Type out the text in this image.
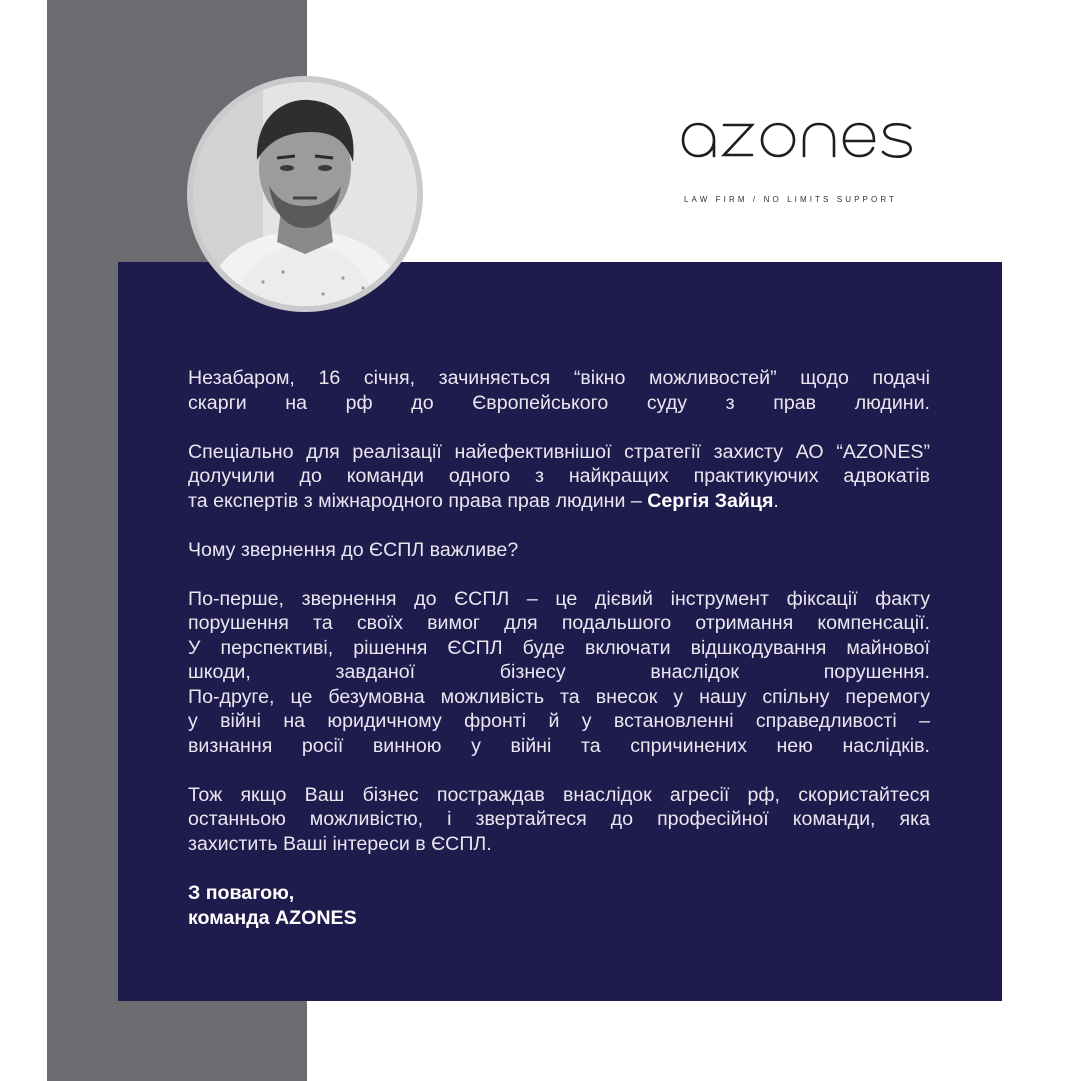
LAW FIRM / NO LIMITS SUPPORT

Незабаром, 16 січня, зачиняється “вікно можливостей” щодо подачі
скарги на рф до Європейського суду з прав людини.

Спеціально для реалізації найефективнішої стратегії захисту АО “AZONES”
долучили до команди одного з найкращих практикуючих адвокатів
та експертів з міжнародного права прав людини – Сергія Зайця.

Чому звернення до ЄСПЛ важливе?

По-перше, звернення до ЄСПЛ – це дієвий інструмент фіксації факту
порушення та своїх вимог для подальшого отримання компенсації.
У перспективі, рішення ЄСПЛ буде включати відшкодування майнової
шкоди, завданої бізнесу внаслідок порушення.
По-друге, це безумовна можливість та внесок у нашу спільну перемогу
у війні на юридичному фронті й у встановленні справедливості –
визнання росії винною у війні та спричинених нею наслідків.

Тож якщо Ваш бізнес постраждав внаслідок агресії рф, скористайтеся
останньою можливістю, і звертайтеся до професійної команди, яка
захистить Ваші інтереси в ЄСПЛ.

З повагою,
команда AZONES
